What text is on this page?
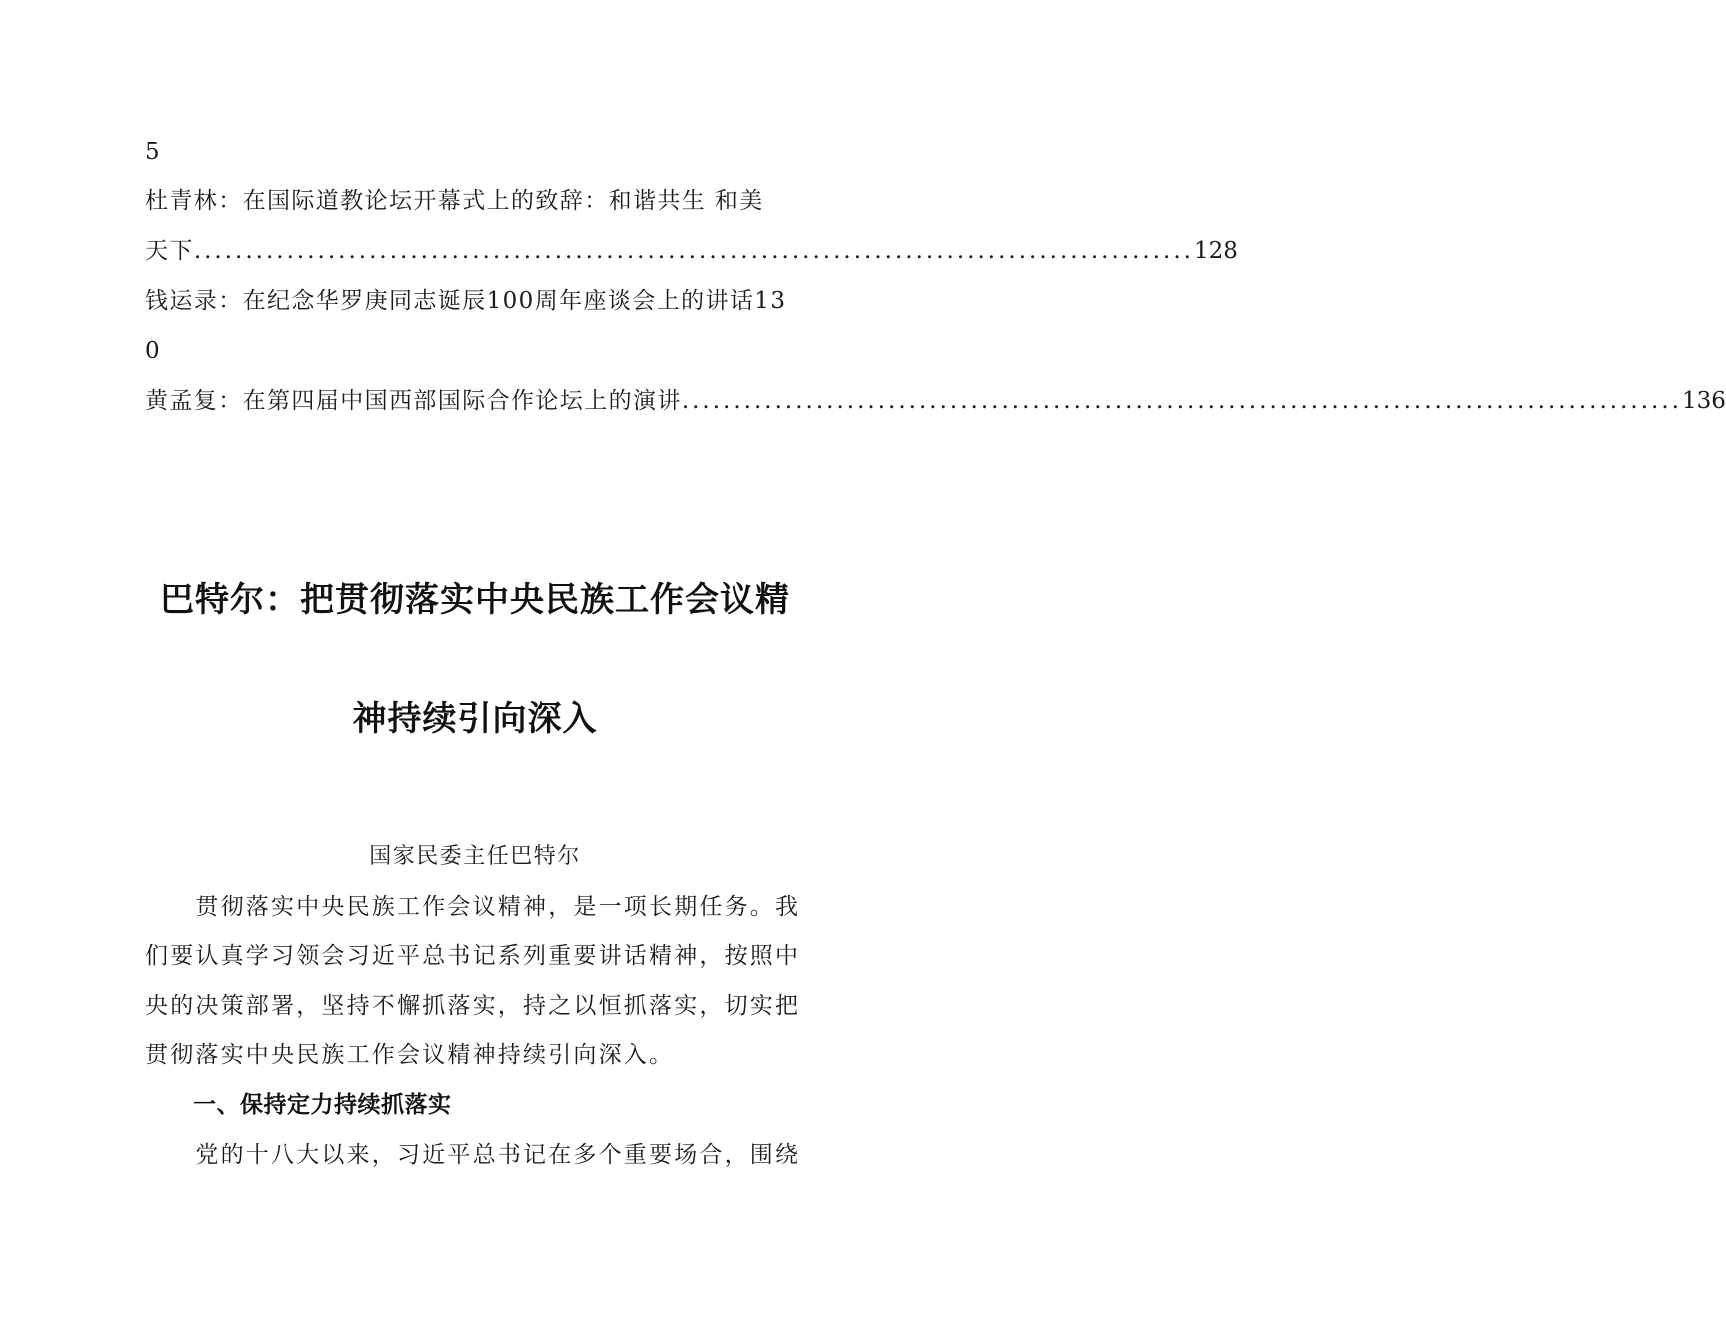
5
杜青林：在国际道教论坛开幕式上的致辞：和谐共生 和美
天下 ................................................................................................. 128
钱运录：在纪念华罗庚同志诞辰100周年座谈会上的讲话13
0
黄孟复：在第四届中国西部国际合作论坛上的演讲 ................................................................................................. 136
巴特尔：把贯彻落实中央民族工作会议精
神持续引向深入
国家民委主任巴特尔
　　贯彻落实中央民族工作会议精神，是一项长期任务。我
们要认真学习领会习近平总书记系列重要讲话精神，按照中
央的决策部署，坚持不懈抓落实，持之以恒抓落实，切实把
贯彻落实中央民族工作会议精神持续引向深入。
一、保持定力持续抓落实
　　党的十八大以来，习近平总书记在多个重要场合，围绕
